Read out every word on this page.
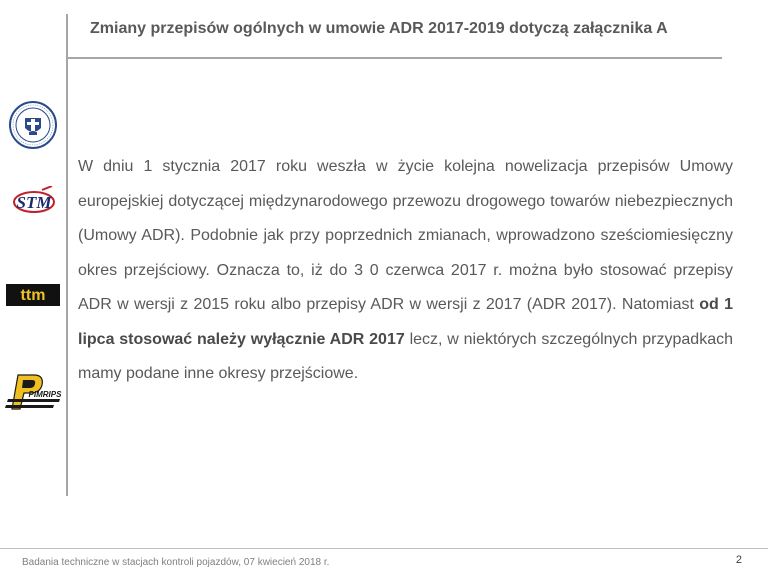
Zmiany przepisów ogólnych w umowie ADR 2017-2019 dotyczą załącznika A
STM
ttm
PIMRIPS
W dniu 1 stycznia 2017 roku weszła w życie kolejna nowelizacja przepisów Umowy europejskiej dotyczącej międzynarodowego przewozu drogowego towarów niebezpiecznych (Umowy ADR). Podobnie jak przy poprzednich zmianach, wprowadzono sześciomiesięczny okres przejściowy. Oznacza to, iż do 3 0 czerwca 2017 r. można było stosować przepisy ADR w wersji z 2015 roku albo przepisy ADR w wersji z 2017 (ADR 2017). Natomiast od 1 lipca stosować należy wyłącznie ADR 2017 lecz, w niektórych szczególnych przypadkach mamy podane inne okresy przejściowe.
Badania techniczne w stacjach kontroli pojazdów, 07 kwiecień 2018 r.	2
